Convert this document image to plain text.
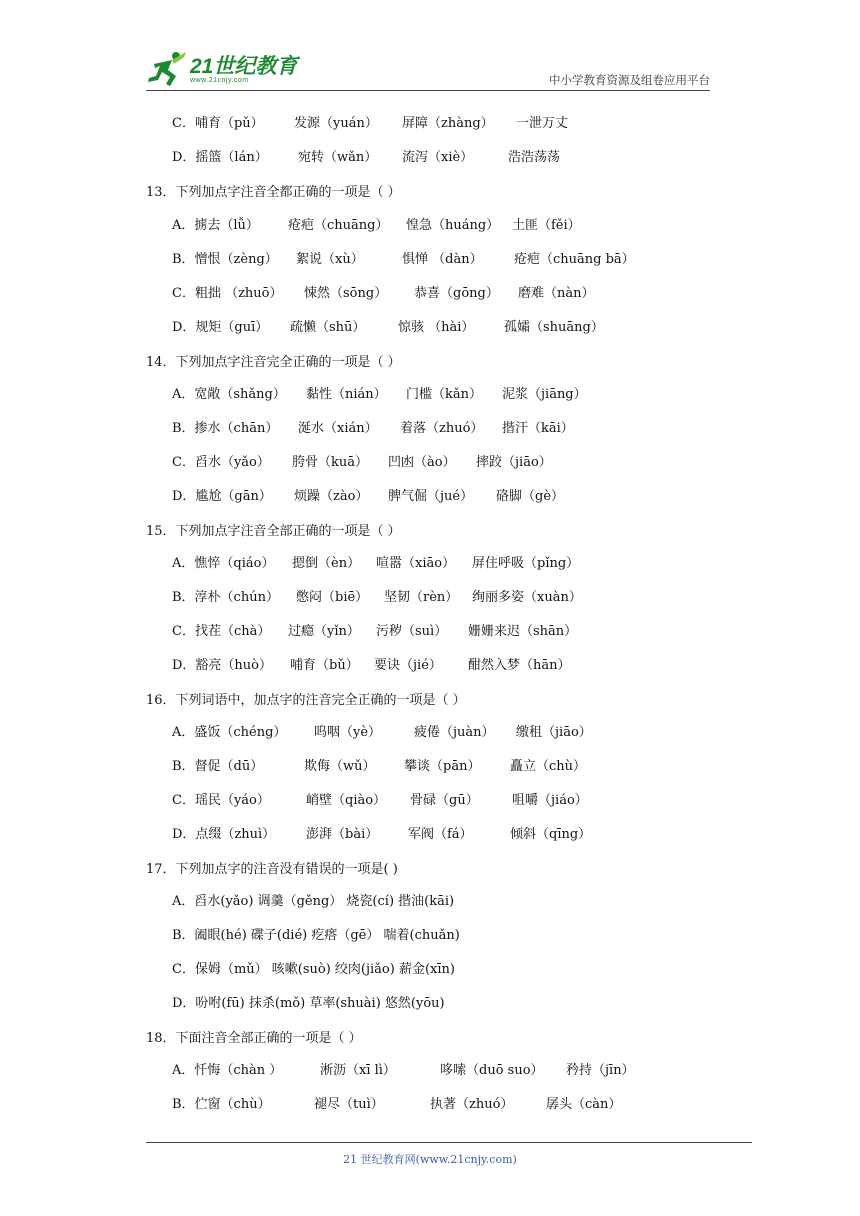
21世纪教育
www.21cnjy.com	中小学教育资源及组卷应用平台
C．哺育（pǔ） 发源（yuán） 屏障（zhàng） 一泄万丈
D．摇篮（lán） 宛转（wǎn） 流泻（xiè）	浩浩荡荡
13．下列加点字注音全都正确的一项是（ ）
A．掳去（lǚ） 疮疤（chuāng） 惶急（huáng） 土匪（fěi）
B．憎恨（zèng） 絮说（xù）	惧惮 （dàn） 疮疤（chuāng bā）
C．粗拙 （zhuō） 悚然（sōng） 恭喜（gōng） 磨难（nàn）
D．规矩（guī） 疏懒（shū）	惊骇 （hài） 孤孀（shuāng）
14．下列加点字注音完全正确的一项是（ ）
A．宽敞（shǎng） 黏性（nián） 门槛（kǎn） 泥浆（jiāng）
B．掺水（chān） 涎水（xián） 着落（zhuó） 揩汗（kāi）
C．舀水（yǎo） 胯骨（kuā） 凹凼（ào） 摔跤（jiāo）
D．尴尬（gān） 烦躁（zào） 脾气倔（jué） 硌脚（gè）
15．下列加点字注音全部正确的一项是（ ）
A．憔悴（qiáo） 摁倒（èn） 喧嚣（xiāo） 屏住呼吸（pǐng）
B．淳朴（chún） 憋闷（biē） 坚韧（rèn） 绚丽多姿（xuàn）
C．找茬（chà） 过瘾（yǐn） 污秽（suì） 姗姗来迟（shān）
D．豁亮（huò） 哺育（bǔ） 要诀（jié） 酣然入梦（hān）
16．下列词语中，加点字的注音完全正确的一项是（ ）
A．盛饭（chéng） 呜咽（yè）	疲倦（juàn） 缴租（jiāo）
B．督促（dū）	欺侮（wǔ） 攀谈（pān） 矗立（chù）
C．瑶民（yáo）	峭壁（qiào） 骨碌（gū）	咀嚼（jiáo）
D．点缀（zhuì） 澎湃（bài） 军阀（fá）	倾斜（qīng）
17．下列加点字的注音没有错误的一项是( )
A．舀水(yǎo) 调羹（gěng） 烧瓷(cí) 揩油(kāi)
B．阖眼(hé) 碟子(dié) 疙瘩（gē） 喘着(chuǎn)
C．保姆（mǔ） 咳嗽(suò) 绞肉(jiǎo) 薪金(xīn)
D．吩咐(fū) 抹杀(mǒ) 草率(shuài) 悠然(yōu)
18．下面注音全部正确的一项是（ ）
A．忏悔（chàn ）	淅沥（xī lì）	哆嗦（duō suo） 矜持（jīn）
B．伫窗（chù）	褪尽（tuì）	执著（zhuó）	孱头（càn）
21 世纪教育网(www.21cnjy.com)
